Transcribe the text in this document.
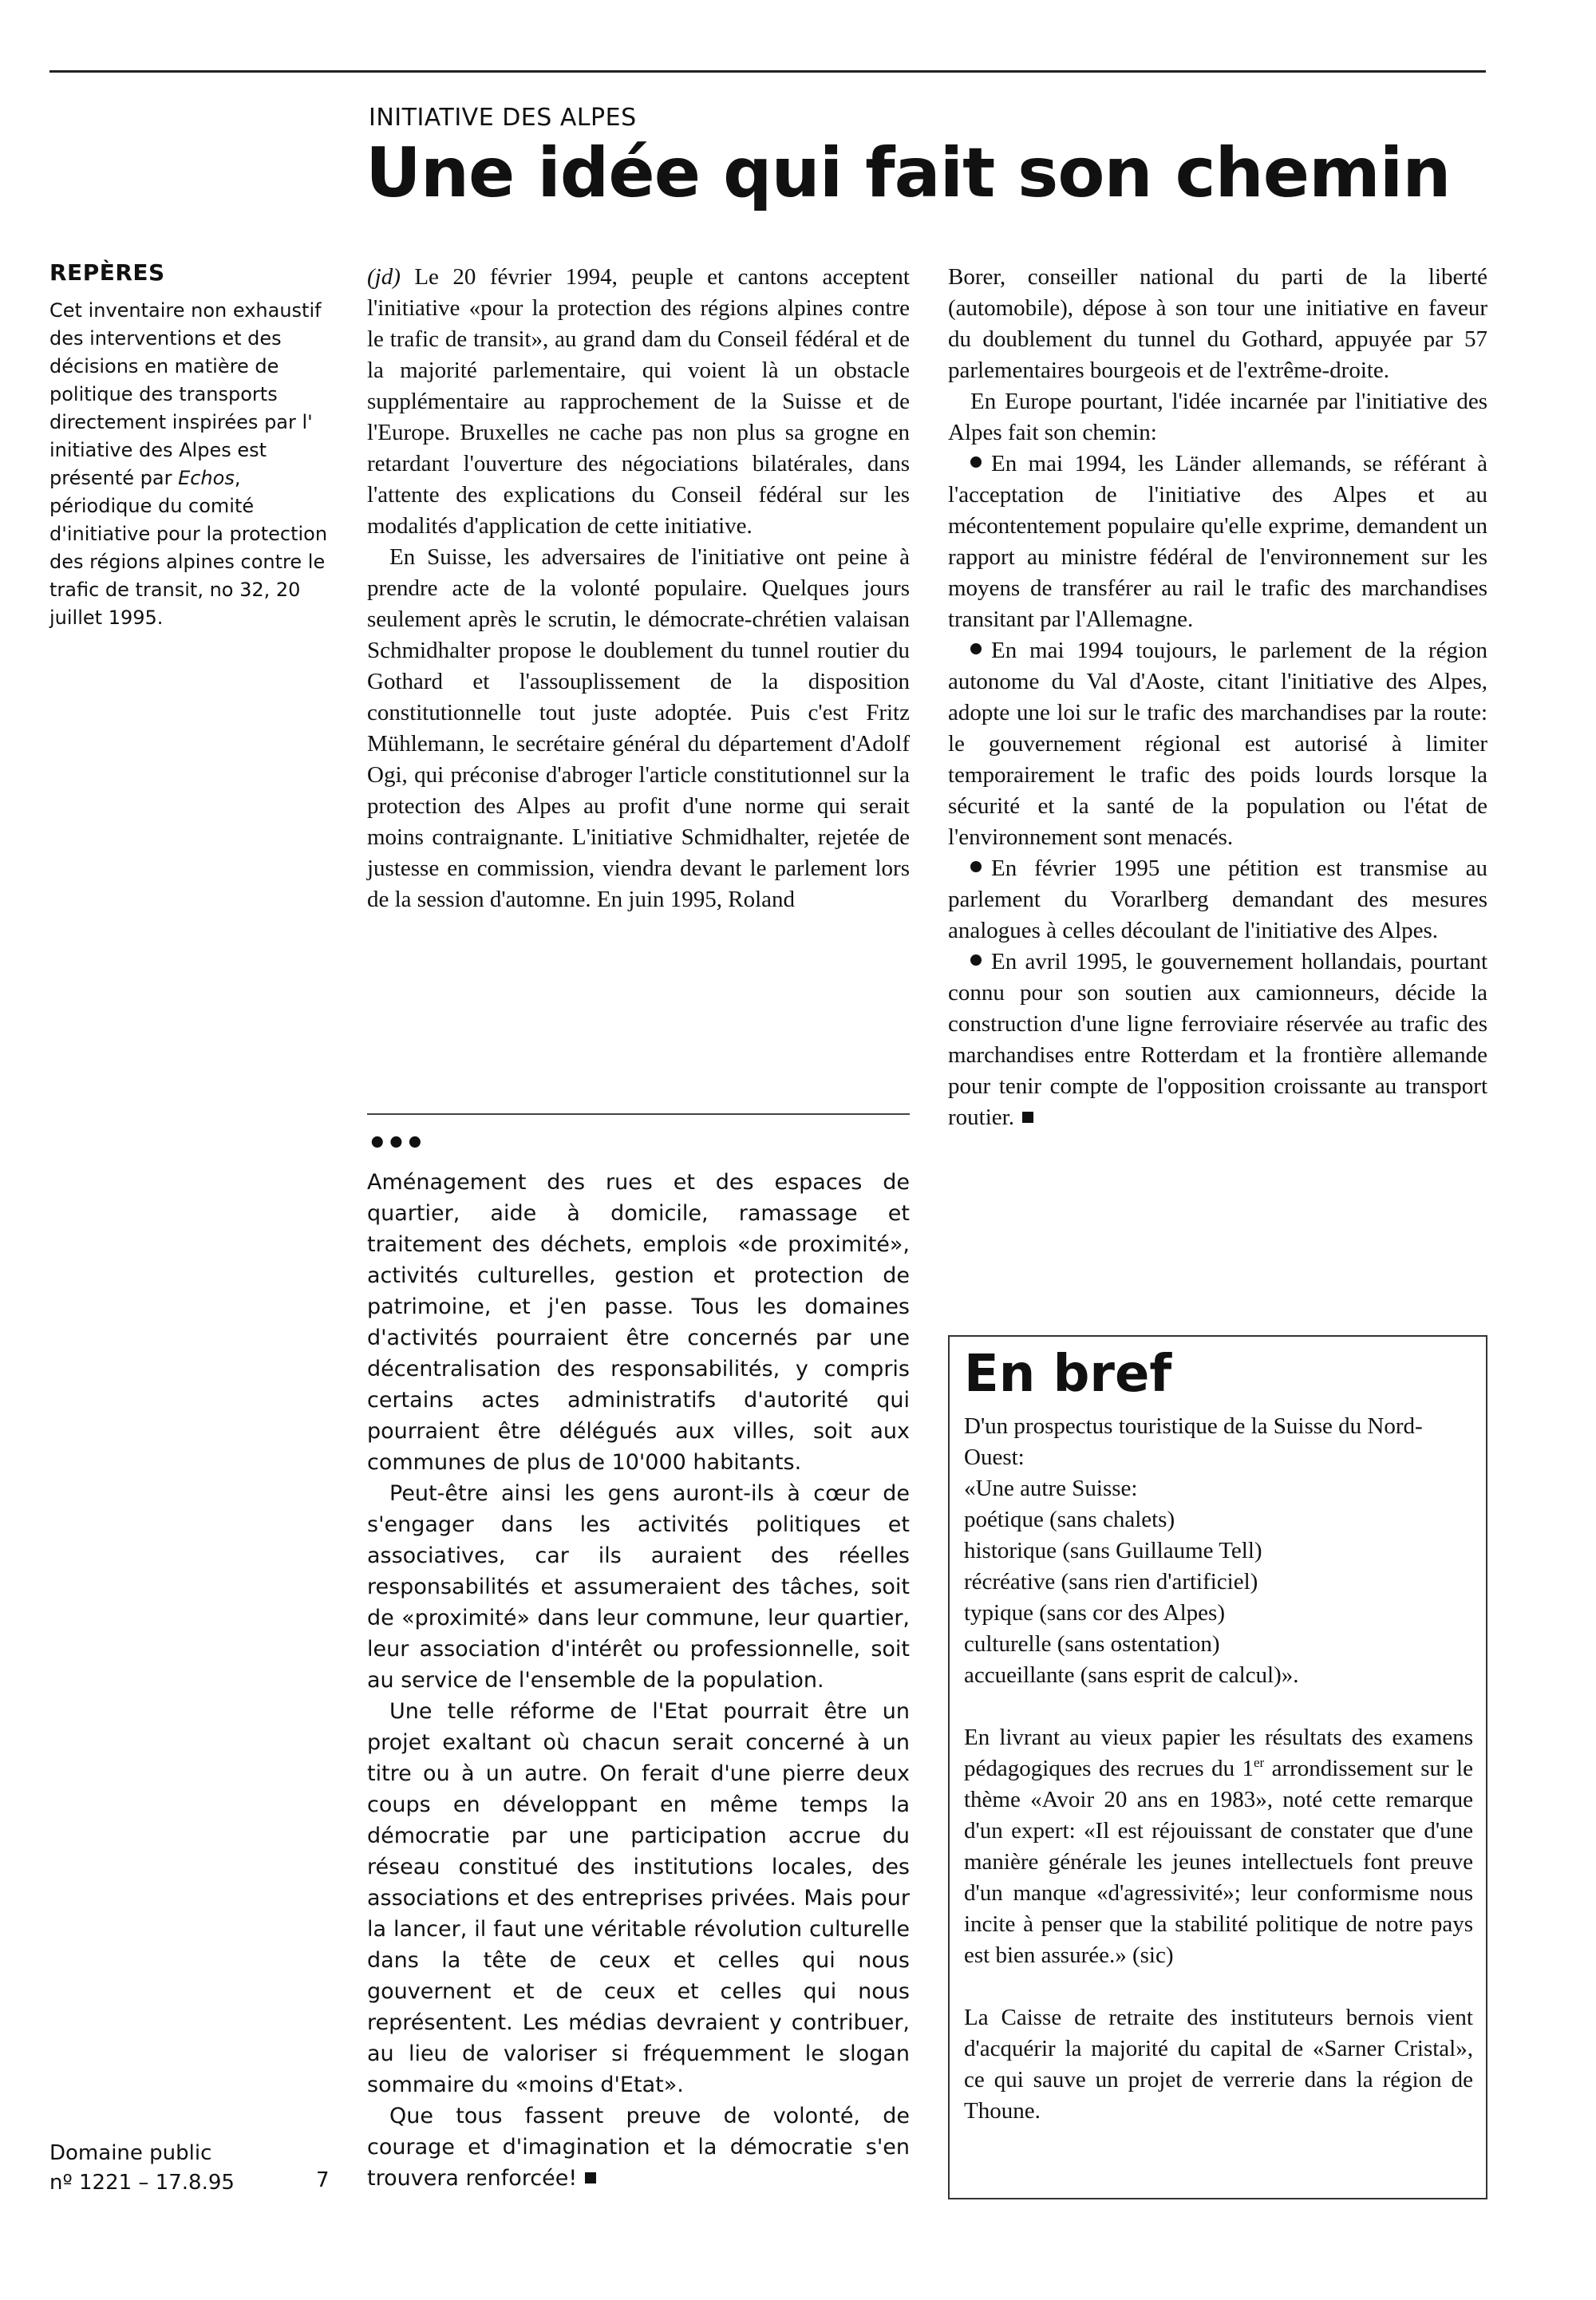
INITIATIVE DES ALPES
Une idée qui fait son chemin
REPÈRES
Cet inventaire non exhaustif des interventions et des décisions en matière de politique des transports directement inspirées par l' initiative des Alpes est présenté par Echos, périodique du comité d'initiative pour la protection des régions alpines contre le trafic de transit, no 32, 20 juillet 1995.
Domaine public
nº 1221 – 17.8.95	7

(jd) Le 20 février 1994, peuple et cantons acceptent l'initiative «pour la protection des régions alpines contre le trafic de transit», au grand dam du Conseil fédéral et de la majorité parlementaire, qui voient là un obstacle supplémentaire au rapprochement de la Suisse et de l'Europe. Bruxelles ne cache pas non plus sa grogne en retardant l'ouverture des négociations bilatérales, dans l'attente des explications du Conseil fédéral sur les modalités d'application de cette initiative.

En Suisse, les adversaires de l'initiative ont peine à prendre acte de la volonté populaire. Quelques jours seulement après le scrutin, le démocrate-chrétien valaisan Schmidhalter propose le doublement du tunnel routier du Gothard et l'assouplissement de la disposition constitutionnelle tout juste adoptée. Puis c'est Fritz Mühlemann, le secrétaire général du département d'Adolf Ogi, qui préconise d'abroger l'article constitutionnel sur la protection des Alpes au profit d'une norme qui serait moins contraignante. L'initiative Schmidhalter, rejetée de justesse en commission, viendra devant le parlement lors de la session d'automne. En juin 1995, Roland

Borer, conseiller national du parti de la liberté (automobile), dépose à son tour une initiative en faveur du doublement du tunnel du Gothard, appuyée par 57 parlementaires bourgeois et de l'extrême-droite.

En Europe pourtant, l'idée incarnée par l'initiative des Alpes fait son chemin:

En mai 1994, les Länder allemands, se référant à l'acceptation de l'initiative des Alpes et au mécontentement populaire qu'elle exprime, demandent un rapport au ministre fédéral de l'environnement sur les moyens de transférer au rail le trafic des marchandises transitant par l'Allemagne.

En mai 1994 toujours, le parlement de la région autonome du Val d'Aoste, citant l'initiative des Alpes, adopte une loi sur le trafic des marchandises par la route: le gouvernement régional est autorisé à limiter temporairement le trafic des poids lourds lorsque la sécurité et la santé de la population ou l'état de l'environnement sont menacés.

En février 1995 une pétition est transmise au parlement du Vorarlberg demandant des mesures analogues à celles découlant de l'initiative des Alpes.

En avril 1995, le gouvernement hollandais, pourtant connu pour son soutien aux camionneurs, décide la construction d'une ligne ferroviaire réservée au trafic des marchandises entre Rotterdam et la frontière allemande pour tenir compte de l'opposition croissante au transport routier.

•••

Aménagement des rues et des espaces de quartier, aide à domicile, ramassage et traitement des déchets, emplois «de proximité», activités culturelles, gestion et protection de patrimoine, et j'en passe. Tous les domaines d'activités pourraient être concernés par une décentralisation des responsabilités, y compris certains actes administratifs d'autorité qui pourraient être délégués aux villes, soit aux communes de plus de 10'000 habitants.

Peut-être ainsi les gens auront-ils à cœur de s'engager dans les activités politiques et associatives, car ils auraient des réelles responsabilités et assumeraient des tâches, soit de «proximité» dans leur commune, leur quartier, leur association d'intérêt ou professionnelle, soit au service de l'ensemble de la population.

Une telle réforme de l'Etat pourrait être un projet exaltant où chacun serait concerné à un titre ou à un autre. On ferait d'une pierre deux coups en développant en même temps la démocratie par une participation accrue du réseau constitué des institutions locales, des associations et des entreprises privées. Mais pour la lancer, il faut une véritable révolution culturelle dans la tête de ceux et celles qui nous gouvernent et de ceux et celles qui nous représentent. Les médias devraient y contribuer, au lieu de valoriser si fréquemment le slogan sommaire du «moins d'Etat».

Que tous fassent preuve de volonté, de courage et d'imagination et la démocratie s'en trouvera renforcée!

En bref

D'un prospectus touristique de la Suisse du Nord-Ouest:
«Une autre Suisse:
poétique (sans chalets)
historique (sans Guillaume Tell)
récréative (sans rien d'artificiel)
typique (sans cor des Alpes)
culturelle (sans ostentation)
accueillante (sans esprit de calcul)».

En livrant au vieux papier les résultats des examens pédagogiques des recrues du 1er arrondissement sur le thème «Avoir 20 ans en 1983», noté cette remarque d'un expert: «Il est réjouissant de constater que d'une manière générale les jeunes intellectuels font preuve d'un manque «d'agressivité»; leur conformisme nous incite à penser que la stabilité politique de notre pays est bien assurée.» (sic)

La Caisse de retraite des instituteurs bernois vient d'acquérir la majorité du capital de «Sarner Cristal», ce qui sauve un projet de verrerie dans la région de Thoune.
